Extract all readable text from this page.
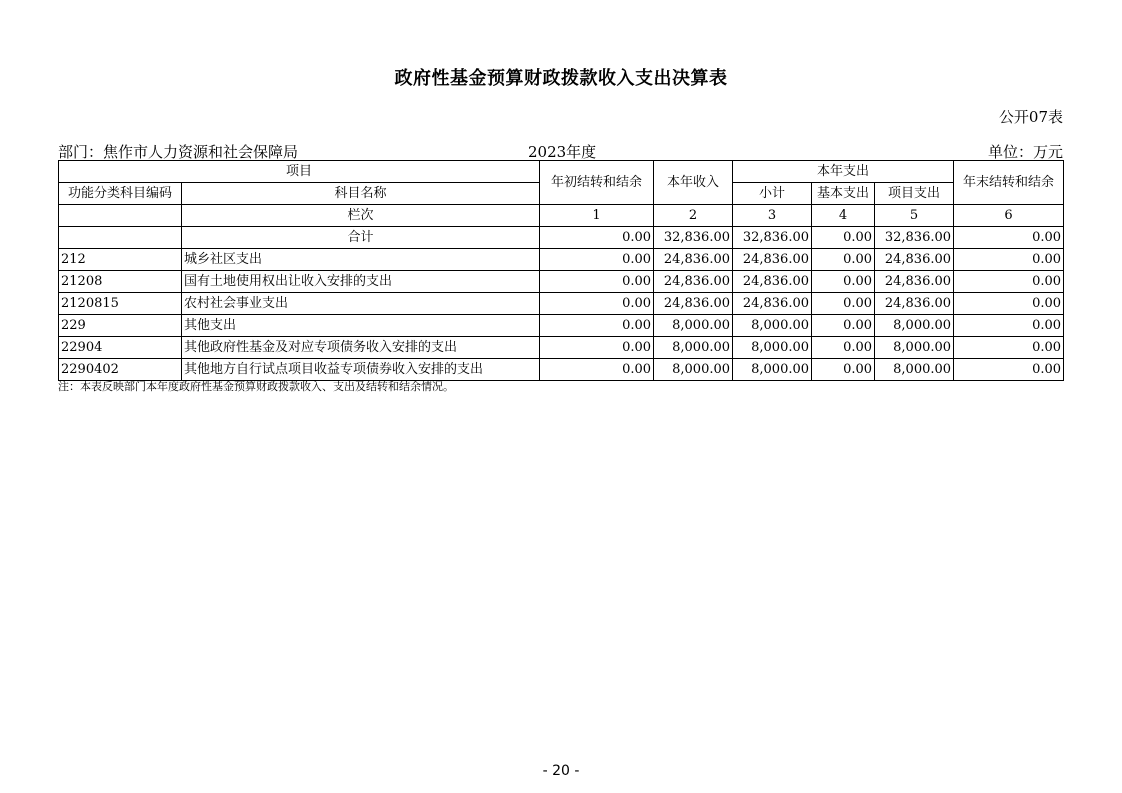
政府性基金预算财政拨款收入支出决算表
公开07表
部门：焦作市人力资源和社会保障局	2023年度	单位：万元
项目		年初结转和结余	本年收入	本年支出			年末结转和结余
功能分类科目编码	科目名称			小计	基本支出	项目支出	
	栏次	1	2	3	4	5	6
	合计	0.00	32,836.00	32,836.00	0.00	32,836.00	0.00
212	城乡社区支出	0.00	24,836.00	24,836.00	0.00	24,836.00	0.00
21208	国有土地使用权出让收入安排的支出	0.00	24,836.00	24,836.00	0.00	24,836.00	0.00
2120815	农村社会事业支出	0.00	24,836.00	24,836.00	0.00	24,836.00	0.00
229	其他支出	0.00	8,000.00	8,000.00	0.00	8,000.00	0.00
22904	其他政府性基金及对应专项债务收入安排的支出	0.00	8,000.00	8,000.00	0.00	8,000.00	0.00
2290402	其他地方自行试点项目收益专项债券收入安排的支出	0.00	8,000.00	8,000.00	0.00	8,000.00	0.00
注：本表反映部门本年度政府性基金预算财政拨款收入、支出及结转和结余情况。
- 20 -
